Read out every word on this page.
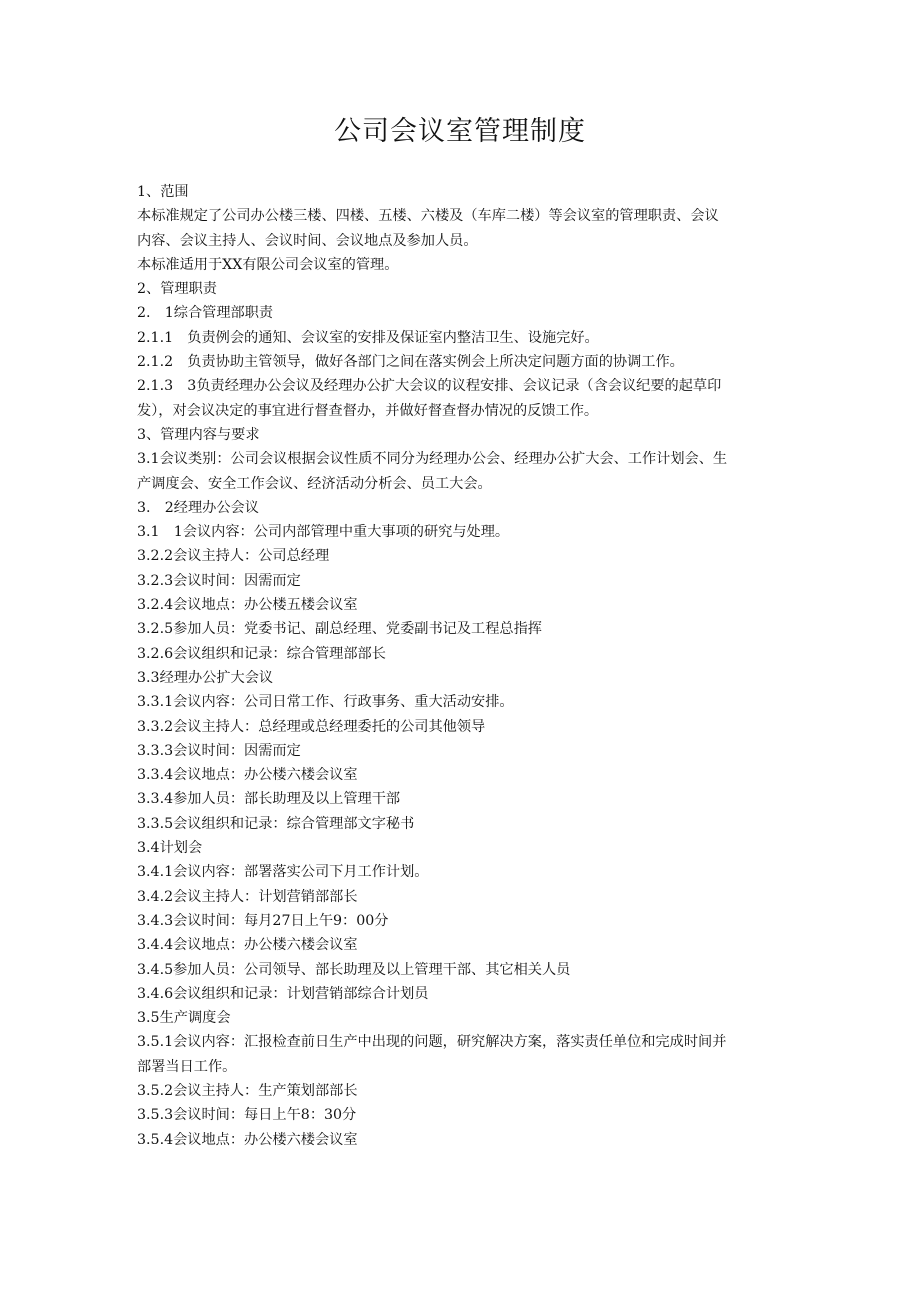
公司会议室管理制度

1、范围

本标准规定了公司办公楼三楼、四楼、五楼、六楼及（车库二楼）等会议室的管理职责、会议

内容、会议主持人、会议时间、会议地点及参加人员。

本标准适用于XX有限公司会议室的管理。

2、管理职责

2.　1综合管理部职责

2.1.1　负责例会的通知、会议室的安排及保证室内整洁卫生、设施完好。

2.1.2　负责协助主管领导，做好各部门之间在落实例会上所决定问题方面的协调工作。

2.1.3　3负责经理办公会议及经理办公扩大会议的议程安排、会议记录（含会议纪要的起草印

发），对会议决定的事宜进行督查督办，并做好督查督办情况的反馈工作。

3、管理内容与要求

3.1会议类别：公司会议根据会议性质不同分为经理办公会、经理办公扩大会、工作计划会、生

产调度会、安全工作会议、经济活动分析会、员工大会。

3.　2经理办公会议

3.1　1会议内容：公司内部管理中重大事项的研究与处理。

3.2.2会议主持人：公司总经理

3.2.3会议时间：因需而定

3.2.4会议地点：办公楼五楼会议室

3.2.5参加人员：党委书记、副总经理、党委副书记及工程总指挥

3.2.6会议组织和记录：综合管理部部长

3.3经理办公扩大会议

3.3.1会议内容：公司日常工作、行政事务、重大活动安排。

3.3.2会议主持人：总经理或总经理委托的公司其他领导

3.3.3会议时间：因需而定

3.3.4会议地点：办公楼六楼会议室

3.3.4参加人员：部长助理及以上管理干部

3.3.5会议组织和记录：综合管理部文字秘书

3.4计划会

3.4.1会议内容：部署落实公司下月工作计划。

3.4.2会议主持人：计划营销部部长

3.4.3会议时间：每月27日上午9：00分

3.4.4会议地点：办公楼六楼会议室

3.4.5参加人员：公司领导、部长助理及以上管理干部、其它相关人员

3.4.6会议组织和记录：计划营销部综合计划员

3.5生产调度会

3.5.1会议内容：汇报检查前日生产中出现的问题，研究解决方案，落实责任单位和完成时间并

部署当日工作。

3.5.2会议主持人：生产策划部部长

3.5.3会议时间：每日上午8：30分

3.5.4会议地点：办公楼六楼会议室
